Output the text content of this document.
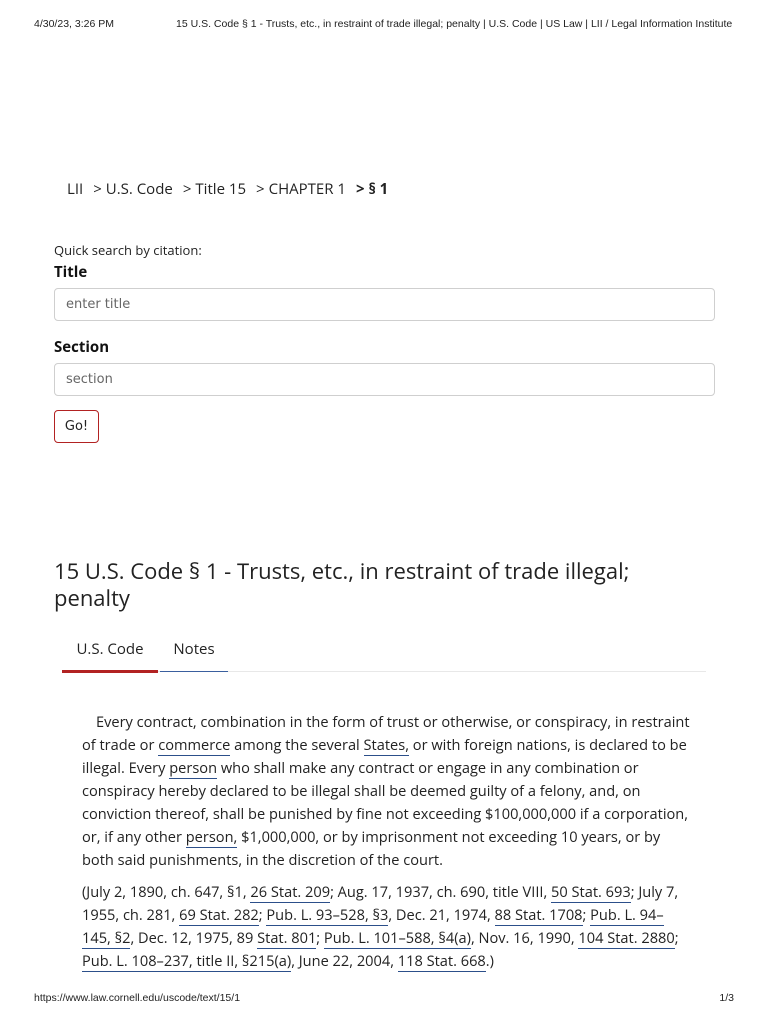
4/30/23, 3:26 PM	15 U.S. Code § 1 - Trusts, etc., in restraint of trade illegal; penalty | U.S. Code | US Law | LII / Legal Information Institute
LII > U.S. Code > Title 15 > CHAPTER 1 > § 1
Quick search by citation:
Title
enter title
Section
section
Go!
15 U.S. Code § 1 - Trusts, etc., in restraint of trade illegal; penalty
U.S. Code	Notes

Every contract, combination in the form of trust or otherwise, or conspiracy, in restraint of trade or commerce among the several States, or with foreign nations, is declared to be illegal. Every person who shall make any contract or engage in any combination or conspiracy hereby declared to be illegal shall be deemed guilty of a felony, and, on conviction thereof, shall be punished by fine not exceeding $100,000,000 if a corporation, or, if any other person, $1,000,000, or by imprisonment not exceeding 10 years, or by both said punishments, in the discretion of the court.

(July 2, 1890, ch. 647, §1, 26 Stat. 209; Aug. 17, 1937, ch. 690, title VIII, 50 Stat. 693; July 7, 1955, ch. 281, 69 Stat. 282; Pub. L. 93–528, §3, Dec. 21, 1974, 88 Stat. 1708; Pub. L. 94–145, §2, Dec. 12, 1975, 89 Stat. 801; Pub. L. 101–588, §4(a), Nov. 16, 1990, 104 Stat. 2880; Pub. L. 108–237, title II, §215(a), June 22, 2004, 118 Stat. 668.)

https://www.law.cornell.edu/uscode/text/15/1	1/3
